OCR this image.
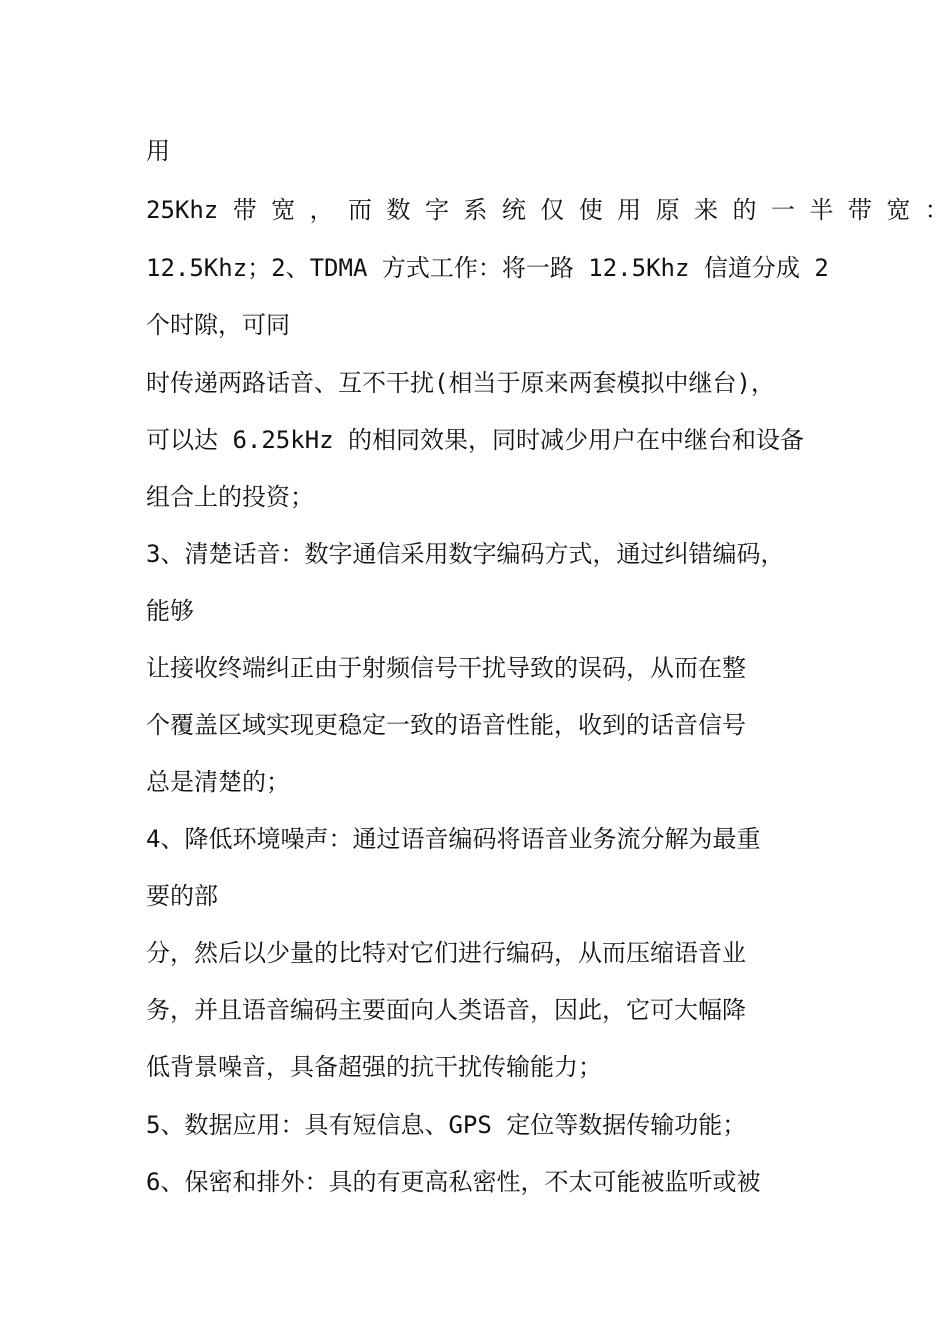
用
25Khz 带 宽 ， 而 数 字 系 统 仅 使 用 原 来 的 一 半 带 宽 ：
12.5Khz；2、TDMA 方式工作：将一路 12.5Khz 信道分成 2
个时隙，可同
时传递两路话音、互不干扰(相当于原来两套模拟中继台)，
可以达 6.25kHz 的相同效果，同时减少用户在中继台和设备
组合上的投资；
3、清楚话音：数字通信采用数字编码方式，通过纠错编码，
能够
让接收终端纠正由于射频信号干扰导致的误码，从而在整
个覆盖区域实现更稳定一致的语音性能，收到的话音信号
总是清楚的；
4、降低环境噪声：通过语音编码将语音业务流分解为最重
要的部
分，然后以少量的比特对它们进行编码，从而压缩语音业
务，并且语音编码主要面向人类语音，因此，它可大幅降
低背景噪音，具备超强的抗干扰传输能力；
5、数据应用：具有短信息、GPS 定位等数据传输功能；
6、保密和排外：具的有更高私密性，不太可能被监听或被
